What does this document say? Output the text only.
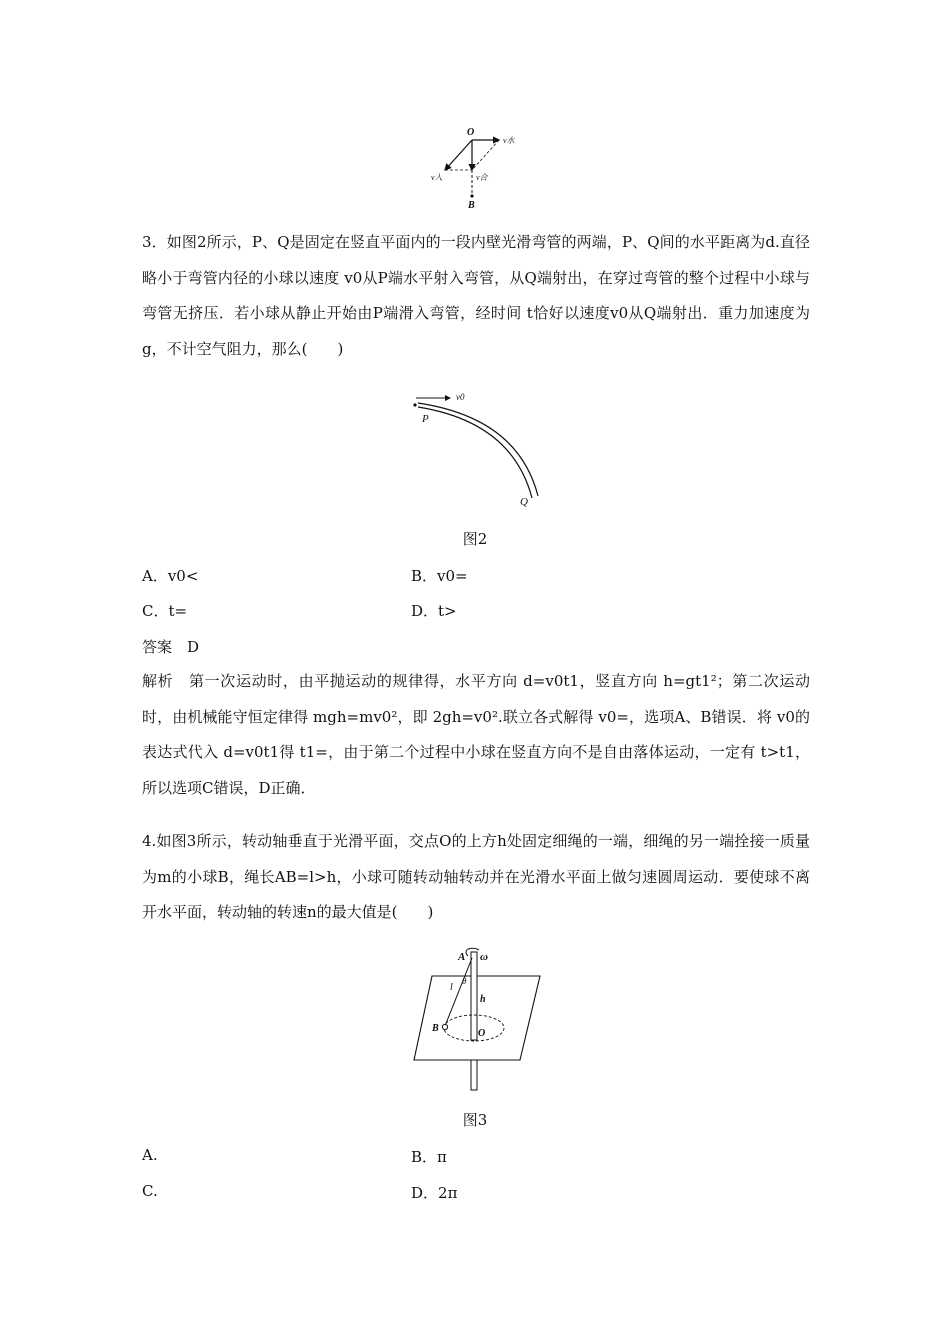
O
v水
v入	v合
B

3．如图2所示，P、Q是固定在竖直平面内的一段内壁光滑弯管的两端，P、Q间的水平距离为d.直径略小于弯管内径的小球以速度 v0从P端水平射入弯管，从Q端射出，在穿过弯管的整个过程中小球与弯管无挤压．若小球从静止开始由P端滑入弯管，经时间 t恰好以速度v0从Q端射出．重力加速度为g，不计空气阻力，那么(　　)

v0
P
Q
图2
A．v0<	B．v0=
C．t=	D．t>
答案　D

解析　第一次运动时，由平抛运动的规律得，水平方向 d=v0t1，竖直方向 h=gt1²；第二次运动时，由机械能守恒定律得 mgh=mv0²，即 2gh=v0².联立各式解得 v0=，选项A、B错误．将 v0的表达式代入 d=v0t1得 t1=，由于第二个过程中小球在竖直方向不是自由落体运动，一定有 t>t1，所以选项C错误，D正确．

4.如图3所示，转动轴垂直于光滑平面，交点O的上方h处固定细绳的一端，细绳的另一端拴接一质量为m的小球B，绳长AB=l>h，小球可随转动轴转动并在光滑水平面上做匀速圆周运动．要使球不离开水平面，转动轴的转速n的最大值是(　　)

A ω
l
θ
h
B	O
图3
A.	B．π
C.	D．2π
